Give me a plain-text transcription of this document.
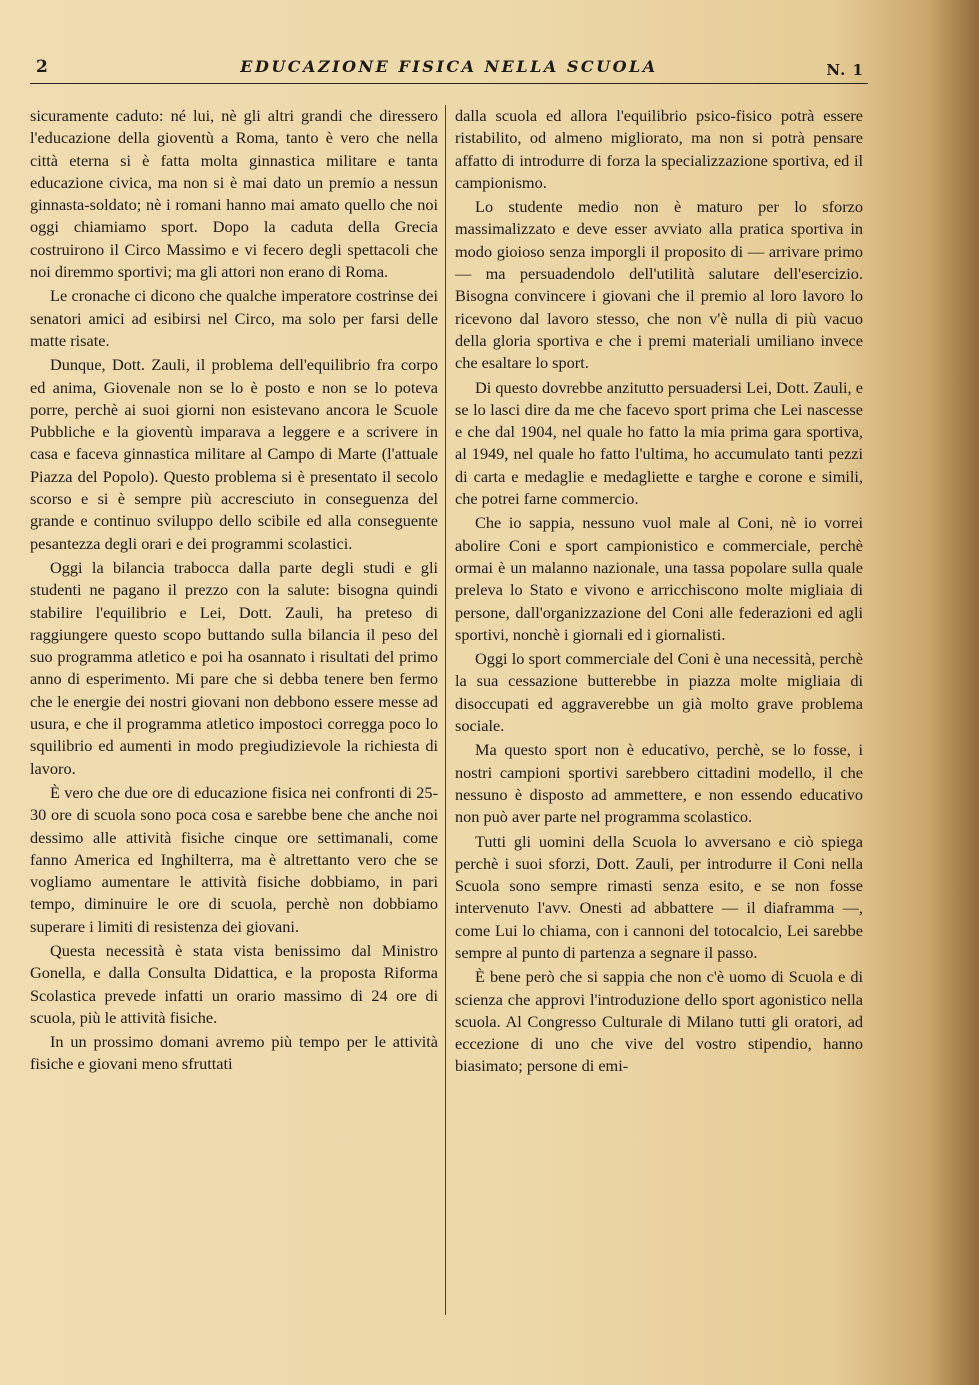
2	EDUCAZIONE FISICA NELLA SCUOLA	N. 1

sicuramente caduto: né lui, nè gli altri grandi che diressero l'educazione della gioventù a Roma, tanto è vero che nella città eterna si è fatta molta ginnastica militare e tanta educazione civica, ma non si è mai dato un premio a nessun ginnasta-soldato; nè i romani hanno mai amato quello che noi oggi chiamiamo sport. Dopo la caduta della Grecia costruirono il Circo Massimo e vi fecero degli spettacoli che noi diremmo sportivi; ma gli attori non erano di Roma.

Le cronache ci dicono che qualche imperatore costrinse dei senatori amici ad esibirsi nel Circo, ma solo per farsi delle matte risate.

Dunque, Dott. Zauli, il problema dell'equilibrio fra corpo ed anima, Giovenale non se lo è posto e non se lo poteva porre, perchè ai suoi giorni non esistevano ancora le Scuole Pubbliche e la gioventù imparava a leggere e a scrivere in casa e faceva ginnastica militare al Campo di Marte (l'attuale Piazza del Popolo). Questo problema si è presentato il secolo scorso e si è sempre più accresciuto in conseguenza del grande e continuo sviluppo dello scibile ed alla conseguente pesantezza degli orari e dei programmi scolastici.

Oggi la bilancia trabocca dalla parte degli studi e gli studenti ne pagano il prezzo con la salute: bisogna quindi stabilire l'equilibrio e Lei, Dott. Zauli, ha preteso di raggiungere questo scopo buttando sulla bilancia il peso del suo programma atletico e poi ha osannato i risultati del primo anno di esperimento. Mi pare che si debba tenere ben fermo che le energie dei nostri giovani non debbono essere messe ad usura, e che il programma atletico impostoci corregga poco lo squilibrio ed aumenti in modo pregiudizievole la richiesta di lavoro.

È vero che due ore di educazione fisica nei confronti di 25-30 ore di scuola sono poca cosa e sarebbe bene che anche noi dessimo alle attività fisiche cinque ore settimanali, come fanno America ed Inghilterra, ma è altrettanto vero che se vogliamo aumentare le attività fisiche dobbiamo, in pari tempo, diminuire le ore di scuola, perchè non dobbiamo superare i limiti di resistenza dei giovani.

Questa necessità è stata vista benissimo dal Ministro Gonella, e dalla Consulta Didattica, e la proposta Riforma Scolastica prevede infatti un orario massimo di 24 ore di scuola, più le attività fisiche.

In un prossimo domani avremo più tempo per le attività fisiche e giovani meno sfruttati

dalla scuola ed allora l'equilibrio psico-fisico potrà essere ristabilito, od almeno migliorato, ma non si potrà pensare affatto di introdurre di forza la specializzazione sportiva, ed il campionismo.

Lo studente medio non è maturo per lo sforzo massimalizzato e deve esser avviato alla pratica sportiva in modo gioioso senza imporgli il proposito di — arrivare primo — ma persuadendolo dell'utilità salutare dell'esercizio. Bisogna convincere i giovani che il premio al loro lavoro lo ricevono dal lavoro stesso, che non v'è nulla di più vacuo della gloria sportiva e che i premi materiali umiliano invece che esaltare lo sport.

Di questo dovrebbe anzitutto persuadersi Lei, Dott. Zauli, e se lo lasci dire da me che facevo sport prima che Lei nascesse e che dal 1904, nel quale ho fatto la mia prima gara sportiva, al 1949, nel quale ho fatto l'ultima, ho accumulato tanti pezzi di carta e medaglie e medagliette e targhe e corone e simili, che potrei farne commercio.

Che io sappia, nessuno vuol male al Coni, nè io vorrei abolire Coni e sport campionistico e commerciale, perchè ormai è un malanno nazionale, una tassa popolare sulla quale preleva lo Stato e vivono e arricchiscono molte migliaia di persone, dall'organizzazione del Coni alle federazioni ed agli sportivi, nonchè i giornali ed i giornalisti.

Oggi lo sport commerciale del Coni è una necessità, perchè la sua cessazione butterebbe in piazza molte migliaia di disoccupati ed aggraverebbe un già molto grave problema sociale.

Ma questo sport non è educativo, perchè, se lo fosse, i nostri campioni sportivi sarebbero cittadini modello, il che nessuno è disposto ad ammettere, e non essendo educativo non può aver parte nel programma scolastico.

Tutti gli uomini della Scuola lo avversano e ciò spiega perchè i suoi sforzi, Dott. Zauli, per introdurre il Coni nella Scuola sono sempre rimasti senza esito, e se non fosse intervenuto l'avv. Onesti ad abbattere — il diaframma —, come Lui lo chiama, con i cannoni del totocalcio, Lei sarebbe sempre al punto di partenza a segnare il passo.

È bene però che si sappia che non c'è uomo di Scuola e di scienza che approvi l'introduzione dello sport agonistico nella scuola. Al Congresso Culturale di Milano tutti gli oratori, ad eccezione di uno che vive del vostro stipendio, hanno biasimato; persone di emi-
